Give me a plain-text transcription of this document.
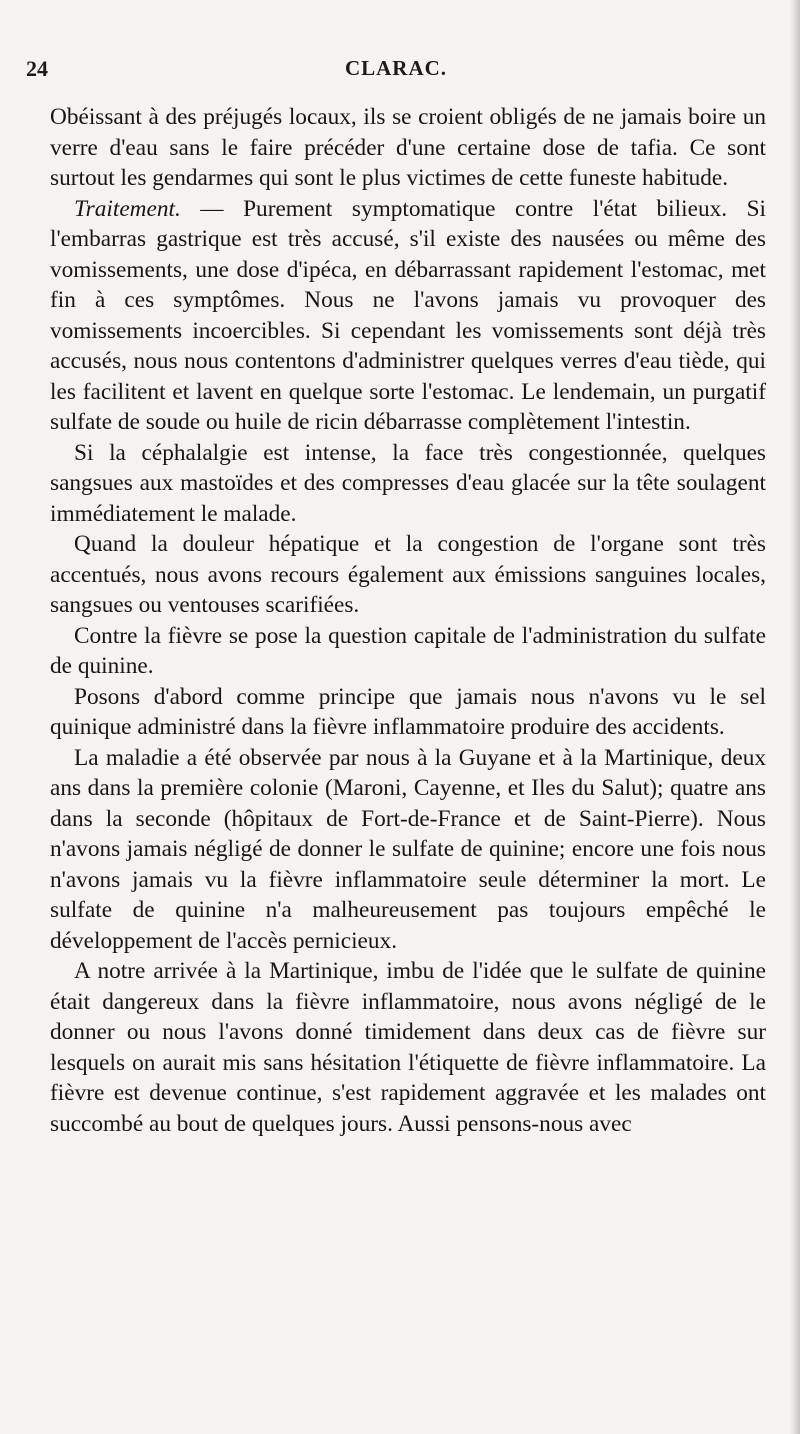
24	CLARAC.

Obéissant à des préjugés locaux, ils se croient obligés de ne jamais boire un verre d'eau sans le faire précéder d'une certaine dose de tafia. Ce sont surtout les gendarmes qui sont le plus victimes de cette funeste habitude.

Traitement. — Purement symptomatique contre l'état bilieux. Si l'embarras gastrique est très accusé, s'il existe des nausées ou même des vomissements, une dose d'ipéca, en débarrassant rapidement l'estomac, met fin à ces symptômes. Nous ne l'avons jamais vu provoquer des vomissements incoercibles. Si cependant les vomissements sont déjà très accusés, nous nous contentons d'administrer quelques verres d'eau tiède, qui les facilitent et lavent en quelque sorte l'estomac. Le lendemain, un purgatif sulfate de soude ou huile de ricin débarrasse complètement l'intestin.

Si la céphalalgie est intense, la face très congestionnée, quelques sangsues aux mastoïdes et des compresses d'eau glacée sur la tête soulagent immédiatement le malade.

Quand la douleur hépatique et la congestion de l'organe sont très accentués, nous avons recours également aux émissions sanguines locales, sangsues ou ventouses scarifiées.

Contre la fièvre se pose la question capitale de l'administration du sulfate de quinine.

Posons d'abord comme principe que jamais nous n'avons vu le sel quinique administré dans la fièvre inflammatoire produire des accidents.

La maladie a été observée par nous à la Guyane et à la Martinique, deux ans dans la première colonie (Maroni, Cayenne, et Iles du Salut); quatre ans dans la seconde (hôpitaux de Fort-de-France et de Saint-Pierre). Nous n'avons jamais négligé de donner le sulfate de quinine; encore une fois nous n'avons jamais vu la fièvre inflammatoire seule déterminer la mort. Le sulfate de quinine n'a malheureusement pas toujours empêché le développement de l'accès pernicieux.

A notre arrivée à la Martinique, imbu de l'idée que le sulfate de quinine était dangereux dans la fièvre inflammatoire, nous avons négligé de le donner ou nous l'avons donné timidement dans deux cas de fièvre sur lesquels on aurait mis sans hésitation l'étiquette de fièvre inflammatoire. La fièvre est devenue continue, s'est rapidement aggravée et les malades ont succombé au bout de quelques jours. Aussi pensons-nous avec
